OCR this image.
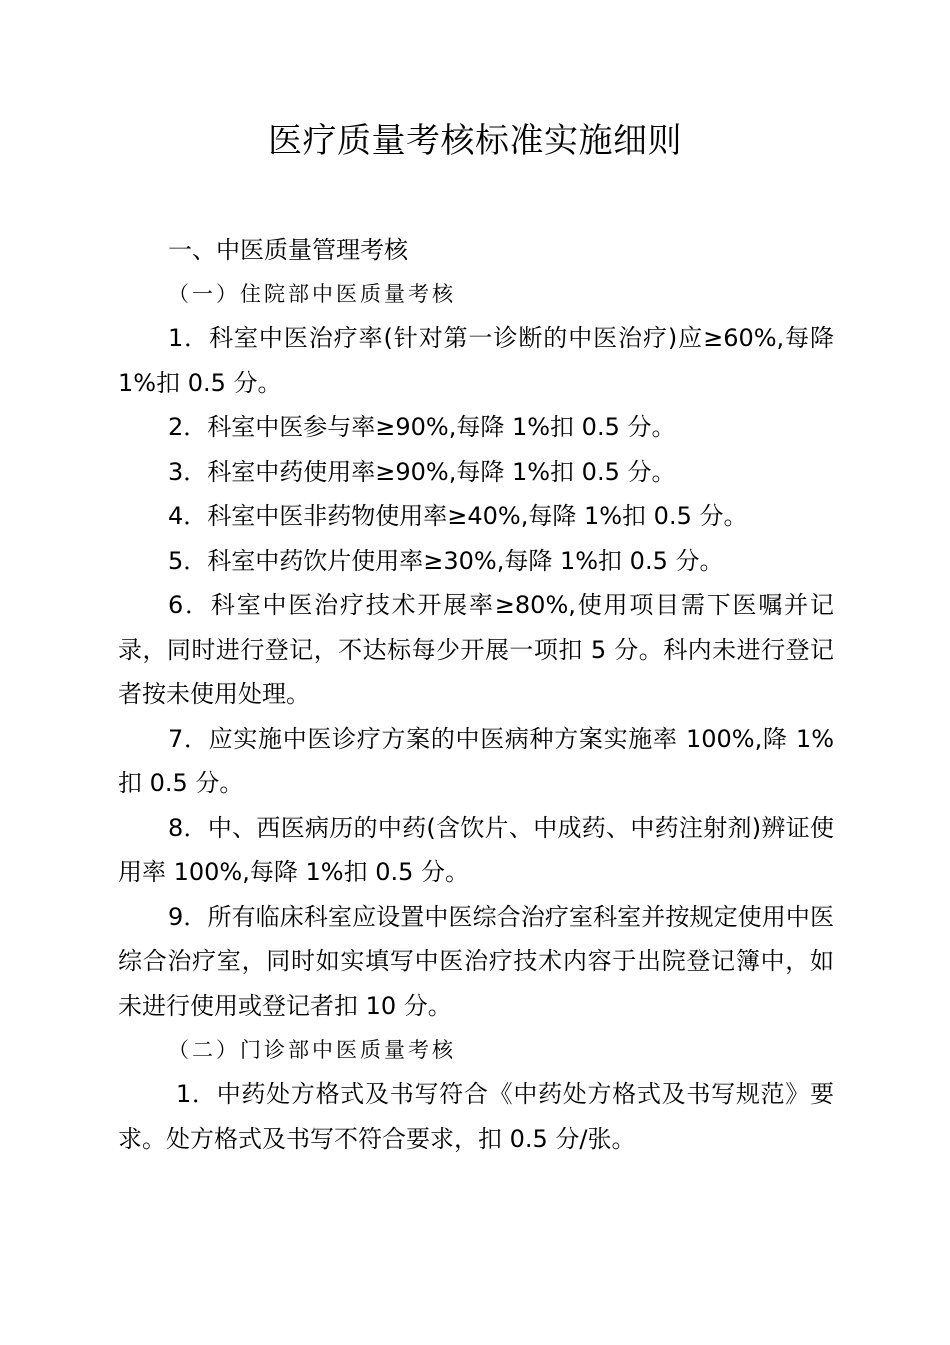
医疗质量考核标准实施细则

一、中医质量管理考核

（一）住院部中医质量考核

1．科室中医治疗率(针对第一诊断的中医治疗)应≥60%,每降 1%扣 0.5 分。

2．科室中医参与率≥90%,每降 1%扣 0.5 分。

3．科室中药使用率≥90%,每降 1%扣 0.5 分。

4．科室中医非药物使用率≥40%,每降 1%扣 0.5 分。

5．科室中药饮片使用率≥30%,每降 1%扣 0.5 分。

6．科室中医治疗技术开展率≥80%,使用项目需下医嘱并记录，同时进行登记，不达标每少开展一项扣 5 分。科内未进行登记者按未使用处理。

7．应实施中医诊疗方案的中医病种方案实施率 100%,降 1%扣 0.5 分。

8．中、西医病历的中药(含饮片、中成药、中药注射剂)辨证使用率 100%,每降 1%扣 0.5 分。

9．所有临床科室应设置中医综合治疗室科室并按规定使用中医综合治疗室，同时如实填写中医治疗技术内容于出院登记簿中，如未进行使用或登记者扣 10 分。

（二）门诊部中医质量考核

1．中药处方格式及书写符合《中药处方格式及书写规范》要求。处方格式及书写不符合要求，扣 0.5 分/张。
